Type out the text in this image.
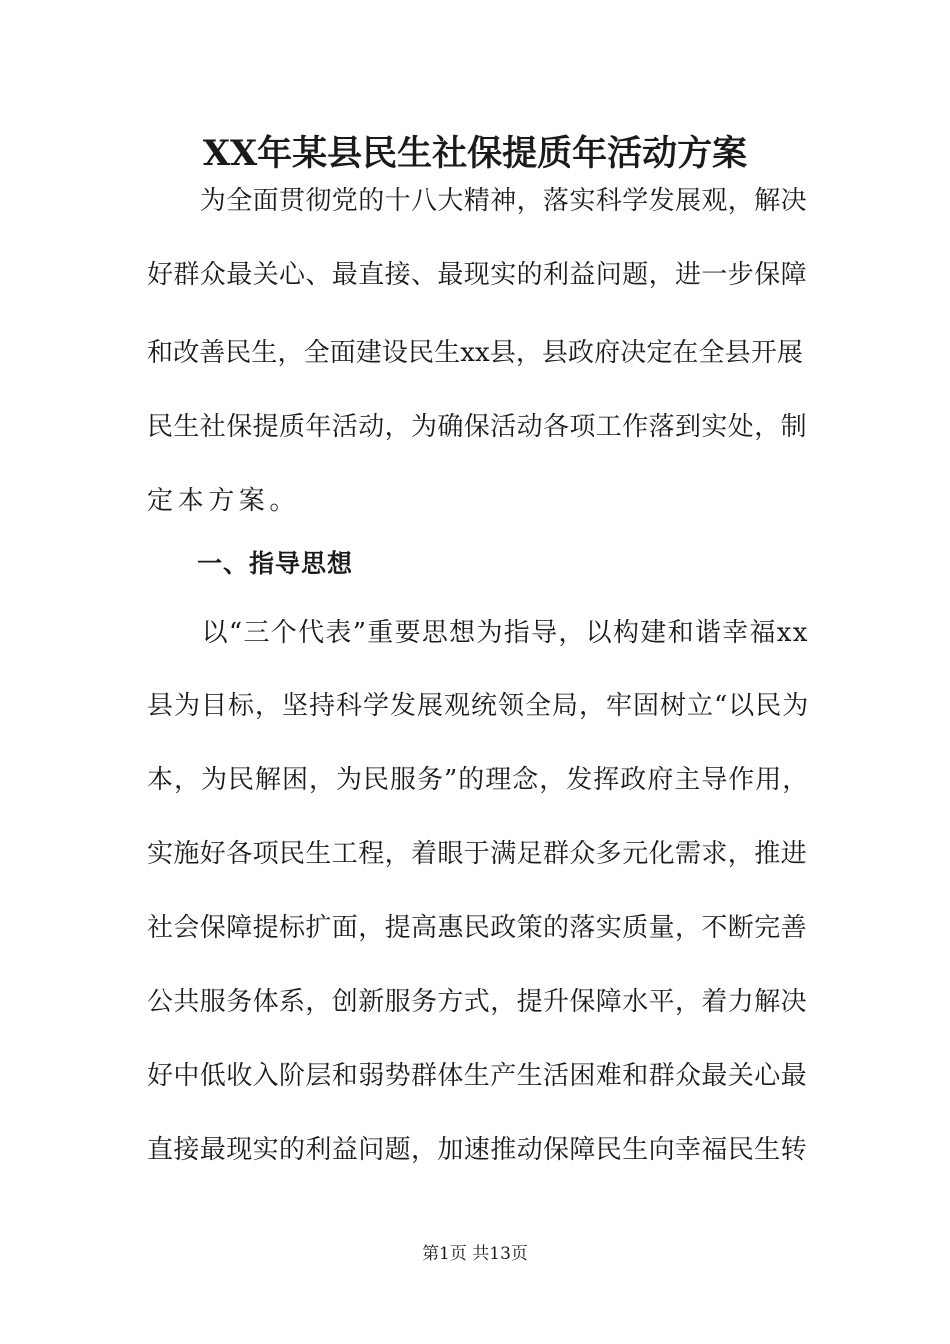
XX年某县民生社保提质年活动方案

　　为全面贯彻党的十八大精神，落实科学发展观，解决

好群众最关心、最直接、最现实的利益问题，进一步保障

和改善民生，全面建设民生xx县，县政府决定在全县开展

民生社保提质年活动，为确保活动各项工作落到实处，制

定本方案。

一、指导思想

　　以“三个代表”重要思想为指导，以构建和谐幸福xx

县为目标，坚持科学发展观统领全局，牢固树立“以民为

本，为民解困，为民服务”的理念，发挥政府主导作用，

实施好各项民生工程，着眼于满足群众多元化需求，推进

社会保障提标扩面，提高惠民政策的落实质量，不断完善

公共服务体系，创新服务方式，提升保障水平，着力解决

好中低收入阶层和弱势群体生产生活困难和群众最关心最

直接最现实的利益问题，加速推动保障民生向幸福民生转

第1页 共13页
